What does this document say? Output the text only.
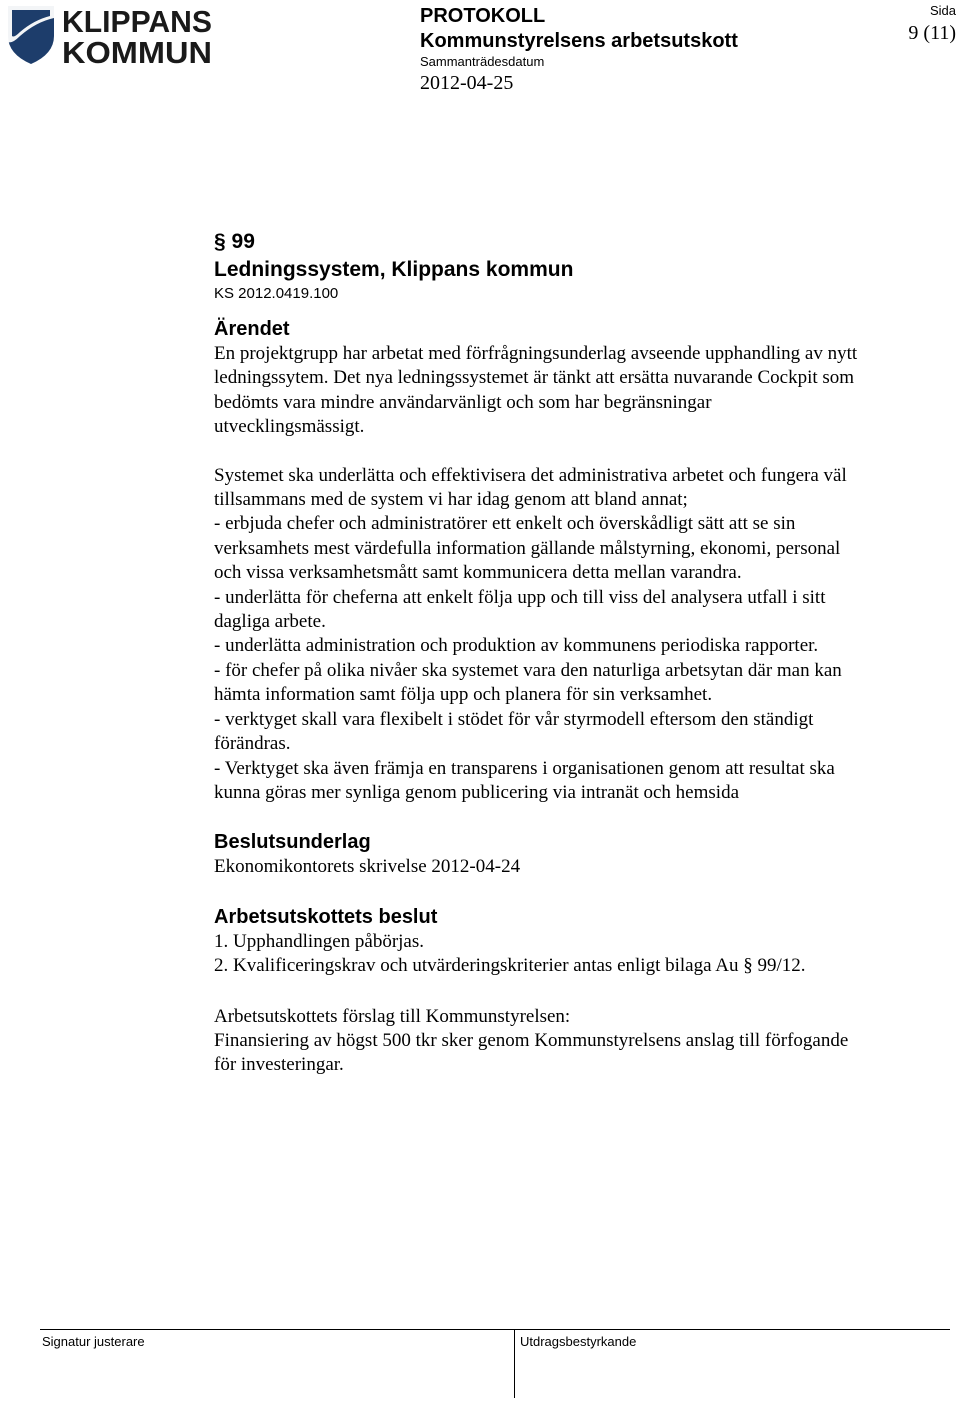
KLIPPANS
KOMMUN
PROTOKOLL
Kommunstyrelsens arbetsutskott
Sammanträdesdatum
2012-04-25
Sida
9 (11)
§ 99
Ledningssystem, Klippans kommun
KS 2012.0419.100
Ärendet

En projektgrupp har arbetat med förfrågningsunderlag avseende upphandling av nytt
ledningssytem. Det nya ledningssystemet är tänkt att ersätta nuvarande Cockpit som
bedömts vara mindre användarvänligt och som har begränsningar
utvecklingsmässigt.

Systemet ska underlätta och effektivisera det administrativa arbetet och fungera väl
tillsammans med de system vi har idag genom att bland annat;
- erbjuda chefer och administratörer ett enkelt och överskådligt sätt att se sin
verksamhets mest värdefulla information gällande målstyrning, ekonomi, personal
och vissa verksamhetsmått samt kommunicera detta mellan varandra.
- underlätta för cheferna att enkelt följa upp och till viss del analysera utfall i sitt
dagliga arbete.
- underlätta administration och produktion av kommunens periodiska rapporter.
- för chefer på olika nivåer ska systemet vara den naturliga arbetsytan där man kan
hämta information samt följa upp och planera för sin verksamhet.
- verktyget skall vara flexibelt i stödet för vår styrmodell eftersom den ständigt
förändras.
- Verktyget ska även främja en transparens i organisationen genom att resultat ska
kunna göras mer synliga genom publicering via intranät och hemsida

Beslutsunderlag

Ekonomikontorets skrivelse 2012-04-24

Arbetsutskottets beslut

1. Upphandlingen påbörjas.
2. Kvalificeringskrav och utvärderingskriterier antas enligt bilaga Au § 99/12.

Arbetsutskottets förslag till Kommunstyrelsen:
Finansiering av högst 500 tkr sker genom Kommunstyrelsens anslag till förfogande
för investeringar.

Signatur justerare	Utdragsbestyrkande
